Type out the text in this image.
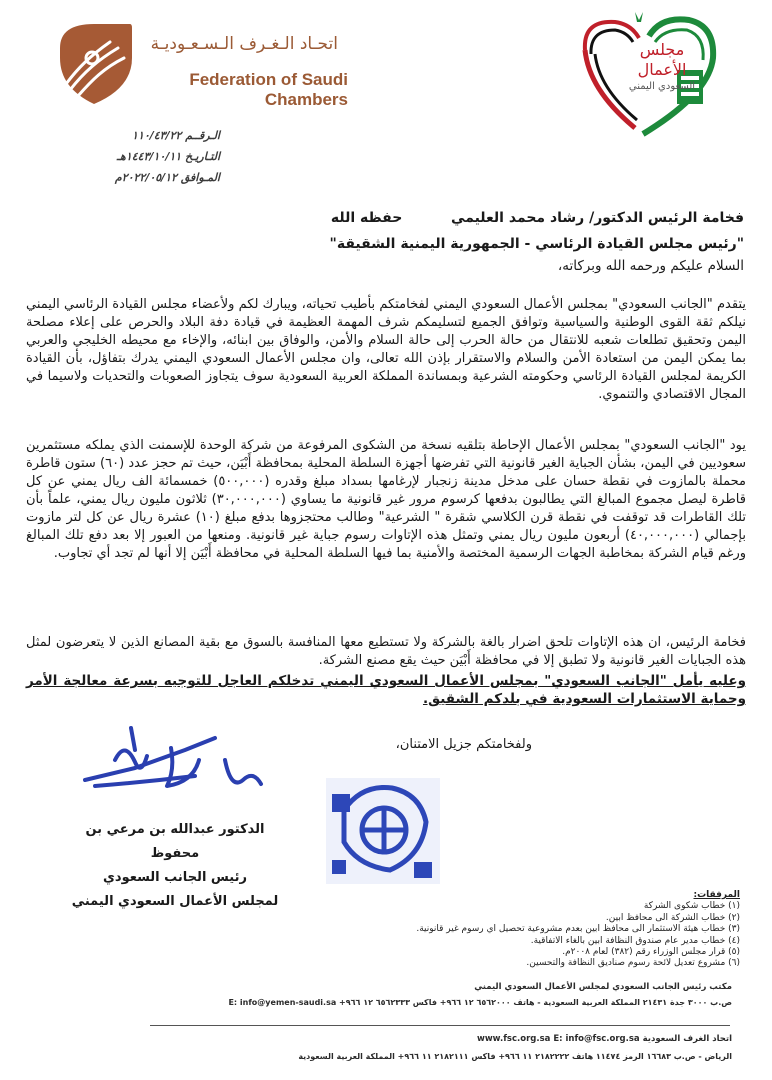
اتحـاد الـغـرف الـسـعـوديـة
Federation of Saudi Chambers
مجلس الأعمال
السعودي اليمني
الـرقــم ١١٠/٤٣/٢٢
التـاريـخ ١٤٤٣/١٠/١١هـ
المـوافق ٢٠٢٢/٠٥/١٢م
فخامة الرئيس الدكتور/ رشاد محمد العليمي          حفظه الله
"رئيس مجلس القيادة الرئاسي - الجمهورية اليمنية الشقيقة"
السلام عليكم ورحمه الله وبركاته،
يتقدم "الجانب السعودي" بمجلس الأعمال السعودي اليمني لفخامتكم بأطيب تحياته، ويبارك لكم ولأعضاء مجلس القيادة الرئاسي اليمني نيلكم ثقة القوى الوطنية والسياسية وتوافق الجميع لتسليمكم شرف المهمة العظيمة في قيادة دفة البلاد والحرص على إعلاء مصلحة اليمن وتحقيق تطلعات شعبه للانتقال من حالة الحرب إلى حالة السلام والأمن، والوفاق بين ابنائه، والإخاء مع محيطه الخليجي والعربي بما يمكن اليمن من استعادة الأمن والسلام والاستقرار بإذن الله تعالى، وان مجلس الأعمال السعودي اليمني يدرك بتفاؤل، بأن القيادة الكريمة لمجلس القيادة الرئاسي وحكومته الشرعية وبمساندة المملكة العربية السعودية سوف يتجاوز الصعوبات والتحديات ولاسيما في المجال الاقتصادي والتنموي.
يود "الجانب السعودي" بمجلس الأعمال الإحاطة بتلقيه نسخة من الشكوى المرفوعة من شركة الوحدة للإسمنت الذي يملكه مستثمرين سعوديين في اليمن، بشأن الجباية الغير قانونية التي تفرضها أجهزة السلطة المحلية بمحافظة أَبْيَن، حيث تم حجز عدد (٦٠) ستون قاطرة محملة بالمازوت في نقطة حسان على مدخل مدينة زنجبار لإرغامها بسداد مبلغ وقدره (٥٠٠,٠٠٠) خمسمائة الف ريال يمني عن كل قاطرة ليصل مجموع المبالغ التي يطالبون بدفعها كرسوم مرور غير قانونية ما يساوي (٣٠,٠٠٠,٠٠٠) ثلاثون مليون ريال يمني، علماً بأن تلك القاطرات قد توقفت في نقطة قرن الكلاسي شقرة " الشرعية" وطالب محتجزوها بدفع مبلغ (١٠) عشرة ريال عن كل لتر مازوت بإجمالي (٤٠,٠٠٠,٠٠٠) أربعون مليون ريال يمني وتمثل هذه الإتاوات رسوم جباية غير قانونية. ومنعها من العبور إلا بعد دفع تلك المبالغ ورغم قيام الشركة بمخاطبة الجهات الرسمية المختصة والأمنية بما فيها السلطة المحلية في محافظة أَبْيَن إلا أنها لم تجد أي تجاوب.
فخامة الرئيس، ان هذه الإتاوات تلحق اضرار بالغة بالشركة ولا تستطيع معها المنافسة بالسوق مع بقية المصانع الذين لا يتعرضون لمثل هذه الجبايات الغير قانونية ولا تطبق إلا في محافظة أَبْيَن حيث يقع مصنع الشركة.
وعليه يأمل "الجانب السعودي" بمجلس الأعمال السعودي اليمني تدخلكم العاجل للتوجيه بسرعة معالجة الأمر وحماية الاستثمارات السعودية في بلدكم الشقيق.
ولفخامتكم جزيل الامتنان،
الدكتور عبدالله بن مرعي بن محفوظ
رئيس الجانب السعودي
لمجلس الأعمال السعودي اليمني	المرفقات:
(١) خطاب شكوى الشركة
(٢) خطاب الشركة الى محافظ ابين.
(٣) خطاب هيئة الاستثمار الى محافظ ابين بعدم مشروعية تحصيل اي رسوم غير قانونية.
(٤) خطاب مدير عام صندوق النظافة ابين بالغاء الاتفاقية.
(٥) قرار مجلس الوزراء رقم (٣٨٢) لعام ٢٠٠٨م.
(٦) مشروع تعديل لائحة رسوم صناديق النظافة والتحسين.
مكتب رئيس الجانب السعودي لمجلس الأعمال السعودي اليمني
ص.ب ٣٠٠٠ جدة ٢١٤٣١ المملكة العربية السعودية - هاتف ٦٥٦٢٠٠٠ ١٢ ٩٦٦+ فاكس ٦٥٦٢٣٣٣ ١٢ ٩٦٦+ E: info@yemen-saudi.sa
www.fsc.org.sa E: info@fsc.org.sa اتحاد الغرف السعودية
الرياض - ص.ب ١٦٦٨٣ الرمز ١١٤٧٤ هاتف ٢١٨٢٢٢٢ ١١ ٩٦٦+ فاكس ٢١٨٢١١١ ١١ ٩٦٦+ المملكة العربية السعودية
